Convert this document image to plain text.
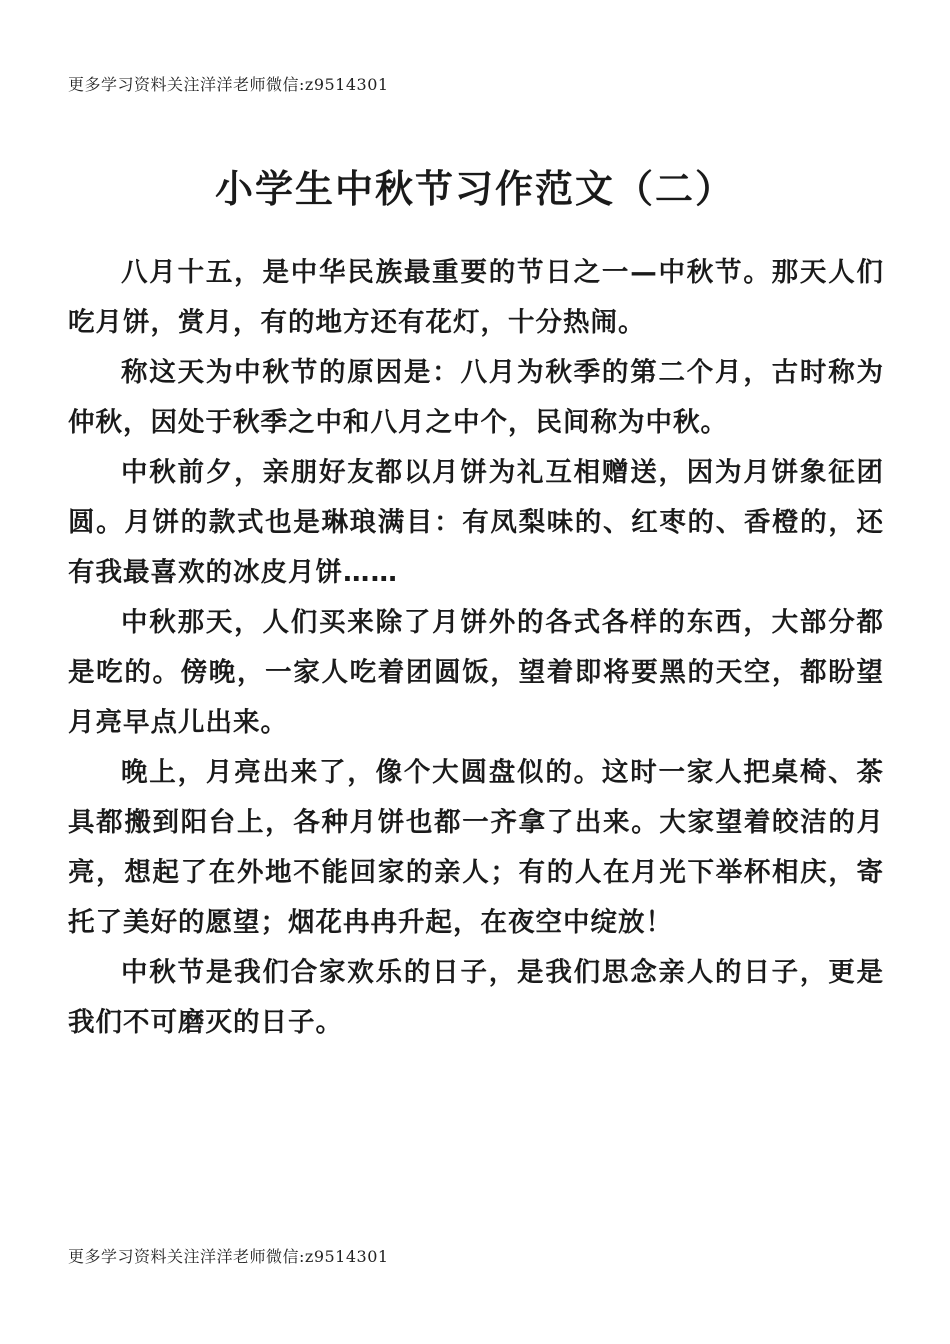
更多学习资料关注洋洋老师微信:z9514301
小学生中秋节习作范文（二）

八月十五，是中华民族最重要的节日之一—中秋节。那天人们吃月饼，赏月，有的地方还有花灯，十分热闹。

称这天为中秋节的原因是：八月为秋季的第二个月，古时称为仲秋，因处于秋季之中和八月之中个，民间称为中秋。

中秋前夕，亲朋好友都以月饼为礼互相赠送，因为月饼象征团圆。月饼的款式也是琳琅满目：有凤梨味的、红枣的、香橙的，还有我最喜欢的冰皮月饼……

中秋那天，人们买来除了月饼外的各式各样的东西，大部分都是吃的。傍晚，一家人吃着团圆饭，望着即将要黑的天空，都盼望月亮早点儿出来。

晚上，月亮出来了，像个大圆盘似的。这时一家人把桌椅、茶具都搬到阳台上，各种月饼也都一齐拿了出来。大家望着皎洁的月亮，想起了在外地不能回家的亲人；有的人在月光下举杯相庆，寄托了美好的愿望；烟花冉冉升起，在夜空中绽放！

中秋节是我们合家欢乐的日子，是我们思念亲人的日子，更是我们不可磨灭的日子。

更多学习资料关注洋洋老师微信:z9514301
